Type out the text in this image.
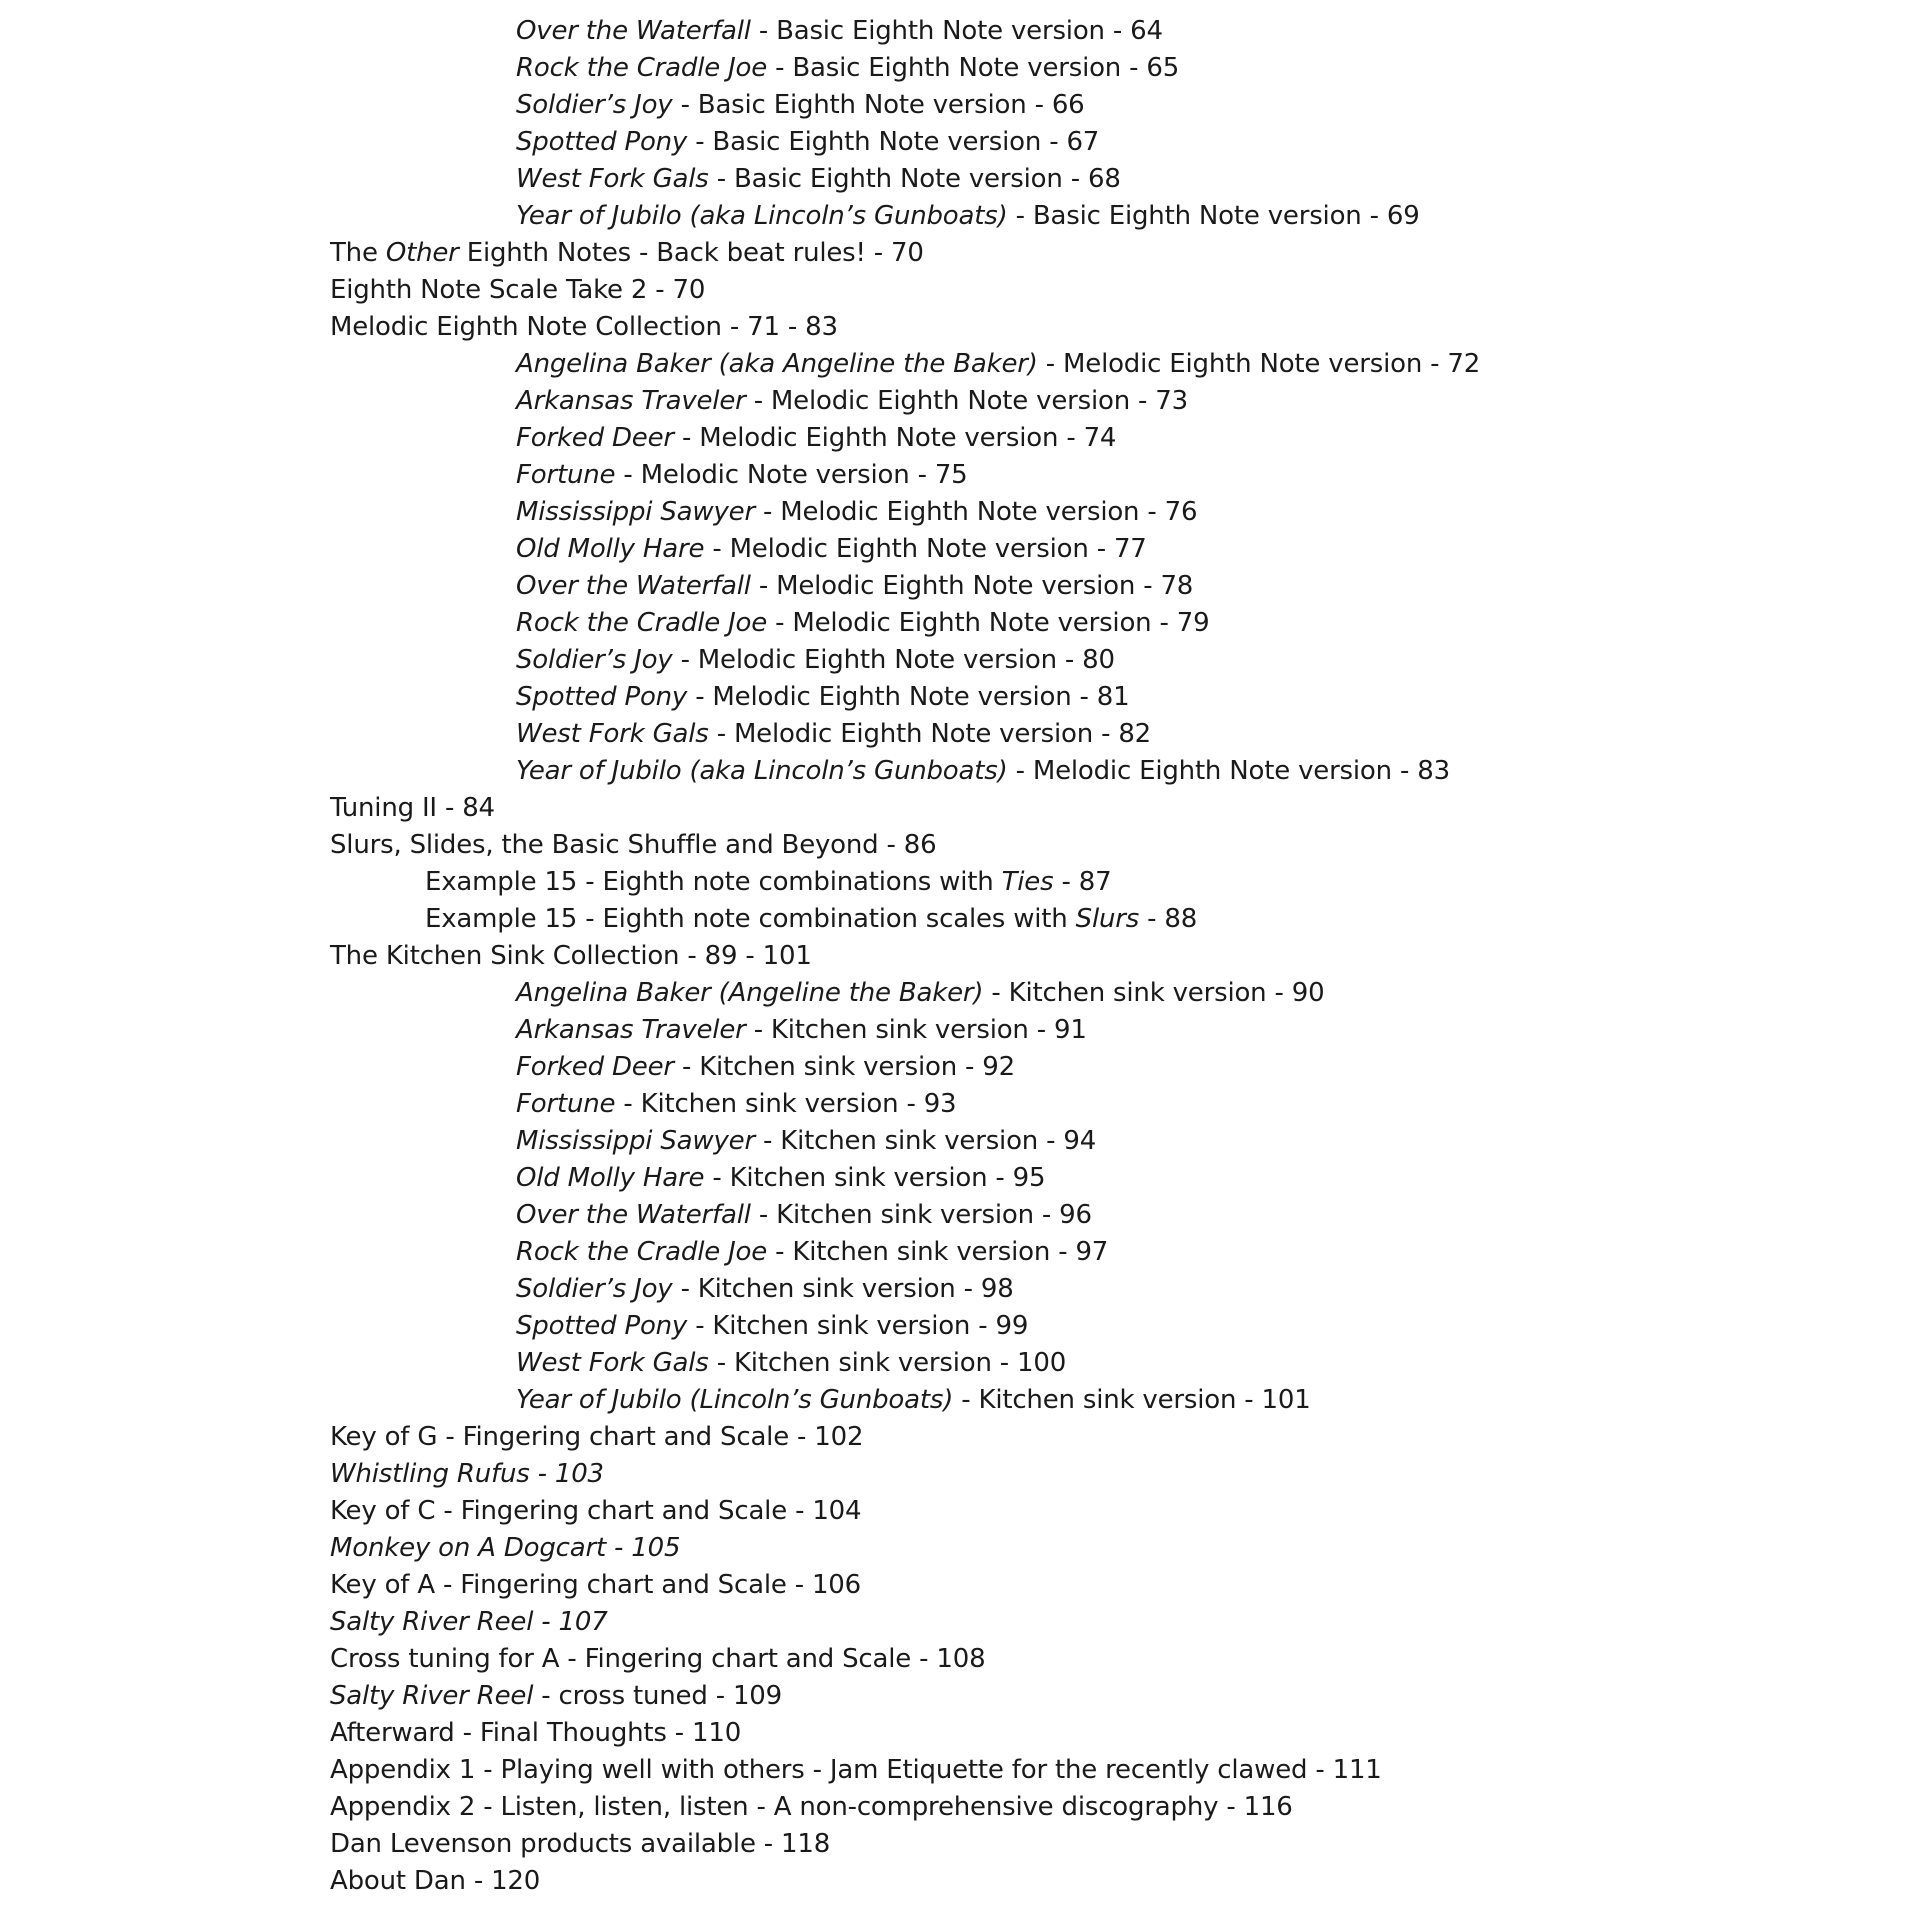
Over the Waterfall - Basic Eighth Note version - 64
Rock the Cradle Joe - Basic Eighth Note version - 65
Soldier’s Joy - Basic Eighth Note version - 66
Spotted Pony - Basic Eighth Note version - 67
West Fork Gals - Basic Eighth Note version - 68
Year of Jubilo (aka Lincoln’s Gunboats) - Basic Eighth Note version - 69
The Other Eighth Notes - Back beat rules! - 70
Eighth Note Scale Take 2 - 70
Melodic Eighth Note Collection - 71 - 83
Angelina Baker (aka Angeline the Baker) - Melodic Eighth Note version - 72
Arkansas Traveler - Melodic Eighth Note version - 73
Forked Deer - Melodic Eighth Note version - 74
Fortune - Melodic Note version - 75
Mississippi Sawyer - Melodic Eighth Note version - 76
Old Molly Hare - Melodic Eighth Note version - 77
Over the Waterfall - Melodic Eighth Note version - 78
Rock the Cradle Joe - Melodic Eighth Note version - 79
Soldier’s Joy - Melodic Eighth Note version - 80
Spotted Pony - Melodic Eighth Note version - 81
West Fork Gals - Melodic Eighth Note version - 82
Year of Jubilo (aka Lincoln’s Gunboats) - Melodic Eighth Note version - 83
Tuning II - 84
Slurs, Slides, the Basic Shuffle and Beyond - 86
Example 15 - Eighth note combinations with Ties - 87
Example 15 - Eighth note combination scales with Slurs - 88
The Kitchen Sink Collection - 89 - 101
Angelina Baker (Angeline the Baker) - Kitchen sink version - 90
Arkansas Traveler - Kitchen sink version - 91
Forked Deer - Kitchen sink version - 92
Fortune - Kitchen sink version - 93
Mississippi Sawyer - Kitchen sink version - 94
Old Molly Hare - Kitchen sink version - 95
Over the Waterfall - Kitchen sink version - 96
Rock the Cradle Joe - Kitchen sink version - 97
Soldier’s Joy - Kitchen sink version - 98
Spotted Pony - Kitchen sink version - 99
West Fork Gals - Kitchen sink version - 100
Year of Jubilo (Lincoln’s Gunboats) - Kitchen sink version - 101
Key of G - Fingering chart and Scale - 102
Whistling Rufus - 103
Key of C - Fingering chart and Scale - 104
Monkey on A Dogcart - 105
Key of A - Fingering chart and Scale - 106
Salty River Reel - 107
Cross tuning for A - Fingering chart and Scale - 108
Salty River Reel - cross tuned - 109
Afterward - Final Thoughts - 110
Appendix 1 - Playing well with others - Jam Etiquette for the recently clawed - 111
Appendix 2 - Listen, listen, listen - A non-comprehensive discography - 116
Dan Levenson products available - 118
About Dan - 120
